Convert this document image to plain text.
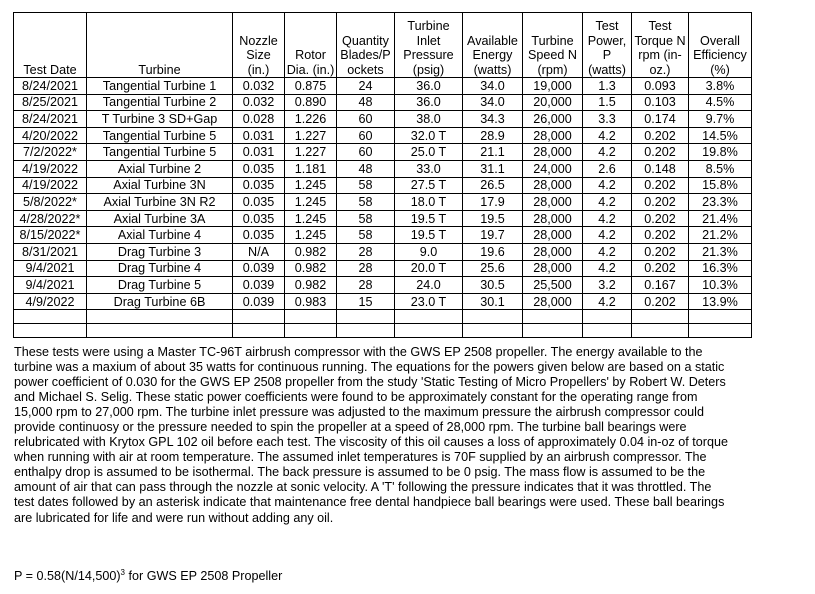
Test Date	Turbine	Nozzle Size (in.)	Rotor Dia. (in.)	Quantity Blades/Pockets	Turbine Inlet Pressure (psig)	Available Energy (watts)	Turbine Speed N (rpm)	Test Power, P (watts)	Test Torque N rpm (in-oz.)	Overall Efficiency (%)
8/24/2021	Tangential Turbine 1	0.032	0.875	24	36.0	34.0	19,000	1.3	0.093	3.8%
8/25/2021	Tangential Turbine 2	0.032	0.890	48	36.0	34.0	20,000	1.5	0.103	4.5%
8/24/2021	T Turbine 3 SD+Gap	0.028	1.226	60	38.0	34.3	26,000	3.3	0.174	9.7%
4/20/2022	Tangential Turbine 5	0.031	1.227	60	32.0 T	28.9	28,000	4.2	0.202	14.5%
7/2/2022*	Tangential Turbine 5	0.031	1.227	60	25.0 T	21.1	28,000	4.2	0.202	19.8%
4/19/2022	Axial Turbine 2	0.035	1.181	48	33.0	31.1	24,000	2.6	0.148	8.5%
4/19/2022	Axial Turbine 3N	0.035	1.245	58	27.5 T	26.5	28,000	4.2	0.202	15.8%
5/8/2022*	Axial Turbine 3N R2	0.035	1.245	58	18.0 T	17.9	28,000	4.2	0.202	23.3%
4/28/2022*	Axial Turbine 3A	0.035	1.245	58	19.5 T	19.5	28,000	4.2	0.202	21.4%
8/15/2022*	Axial Turbine 4	0.035	1.245	58	19.5 T	19.7	28,000	4.2	0.202	21.2%
8/31/2021	Drag Turbine 3	N/A	0.982	28	9.0	19.6	28,000	4.2	0.202	21.3%
9/4/2021	Drag Turbine 4	0.039	0.982	28	20.0 T	25.6	28,000	4.2	0.202	16.3%
9/4/2021	Drag Turbine 5	0.039	0.982	28	24.0	30.5	25,500	3.2	0.167	10.3%
4/9/2022	Drag Turbine 6B	0.039	0.983	15	23.0 T	30.1	28,000	4.2	0.202	13.9%

These tests were using a Master TC-96T airbrush compressor with the GWS EP 2508 propeller. The energy available to the
turbine was a maxium of about 35 watts for continuous running. The equations for the powers given below are based on a static
power coefficient of 0.030 for the GWS EP 2508 propeller from the study 'Static Testing of Micro Propellers' by Robert W. Deters
and Michael S. Selig. These static power coefficients were found to be approximately constant for the operating range from
15,000 rpm to 27,000 rpm. The turbine inlet pressure was adjusted to the maximum pressure the airbrush compressor could
provide continuosy or the pressure needed to spin the propeller at a speed of 28,000 rpm. The turbine ball bearings were
relubricated with Krytox GPL 102 oil before each test. The viscosity of this oil causes a loss of approximately 0.04 in-oz of torque
when running with air at room temperature. The assumed inlet temperatures is 70F supplied by an airbrush compressor. The
enthalpy drop is assumed to be isothermal. The back pressure is assumed to be 0 psig. The mass flow is assumed to be the
amount of air that can pass through the nozzle at sonic velocity. A 'T' following the pressure indicates that it was throttled. The
test dates followed by an asterisk indicate that maintenance free dental handpiece ball bearings were used. These ball bearings
are lubricated for life and were run without adding any oil.
$P = 0.58(N/14,500)^3$ for GWS EP 2508 Propeller
